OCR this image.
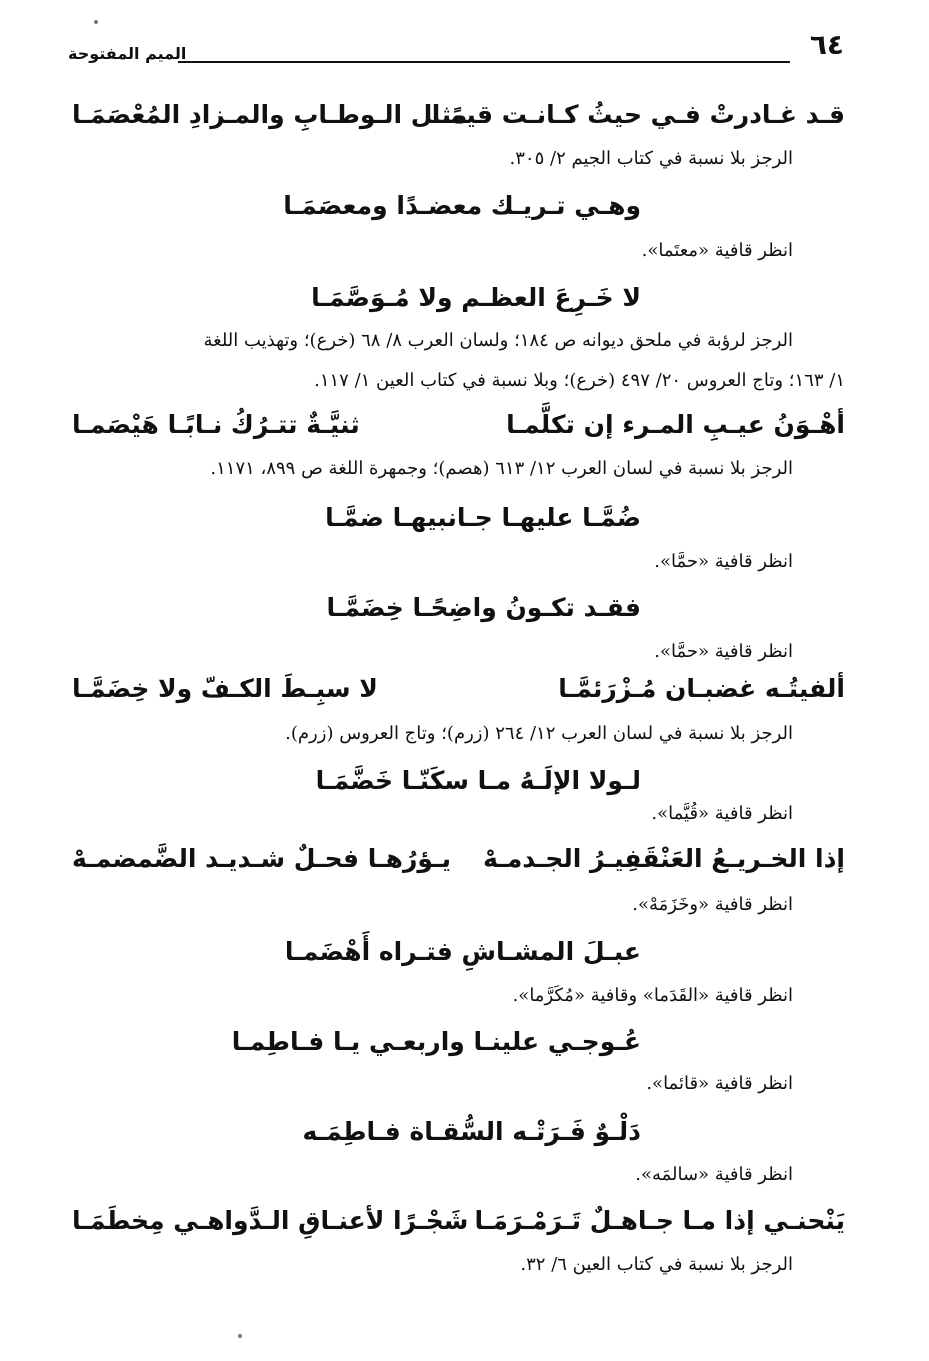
٦٤
الميم المفتوحة
قـد غـادرتْ فـي حيثُ كـانـت قيمًـا
مثـل الـوطـابِ والمـزادِ المُعْصَمَـا
الرجز بلا نسبة في كتاب الجيم ٢/ ٣٠٥.
وهـي تـريـك معضـدًا ومعصَمَـا
انظر قافية «معتَما».
لا خَـرِعَ العظـم ولا مُـوَصَّمَـا
الرجز لرؤبة في ملحق ديوانه ص ١٨٤؛ ولسان العرب ٨/ ٦٨ (خرع)؛ وتهذيب اللغة
١/ ١٦٣؛ وتاج العروس ٢٠/ ٤٩٧ (خرع)؛ وبلا نسبة في كتاب العين ١/ ١١٧.
أهْـوَنُ عيـبِ المـرء إن تكلَّمـا
ثنيَّـةٌ تتـرُكُ نـابًـا هَيْصَمـا
الرجز بلا نسبة في لسان العرب ١٢/ ٦١٣ (هصم)؛ وجمهرة اللغة ص ٨٩٩، ١١٧١.
ضُمَّـا عليهـا جـانبيهـا ضمَّـا
انظر قافية «حمَّا».
فقـد تكـونُ واضِحًـا خِضَمَّـا
انظر قافية «حمَّا».
ألفيتُـه غضبـان مُـزْرَئمَّـا
لا سبِـطَ الكـفّ ولا خِضَمَّـا
الرجز بلا نسبة في لسان العرب ١٢/ ٢٦٤ (زرم)؛ وتاج العروس (زرم).
لـولا الإلَـهُ مـا سكَنّـا خَضَّمَـا
انظر قافية «قُيَّما».
إذا الخـريـعُ العَنْقَفِيـرُ الجـدمـهْ
يـؤرُهـا فحـلٌ شـديـد الضَّمضمـهْ
انظر قافية «وخَزَمَهْ».
عبـلَ المشـاشِ فتـراه أَهْضَمـا
انظر قافية «القَدَما» وقافية «مُكَرَّما».
عُـوجـي علينـا واربعـي يـا فـاطِمـا
انظر قافية «قائما».
دَلْـوٌ فَـرَتْـه السُّقـاة فـاطِمَـه
انظر قافية «سالمَه».
يَنْحنـي إذا مـا جـاهـلٌ تَـرَمْـرَمَـا
شَجْـرًا لأعنـاقِ الـدَّواهـي مِخطَمَـا
الرجز بلا نسبة في كتاب العين ٦/ ٣٢.
